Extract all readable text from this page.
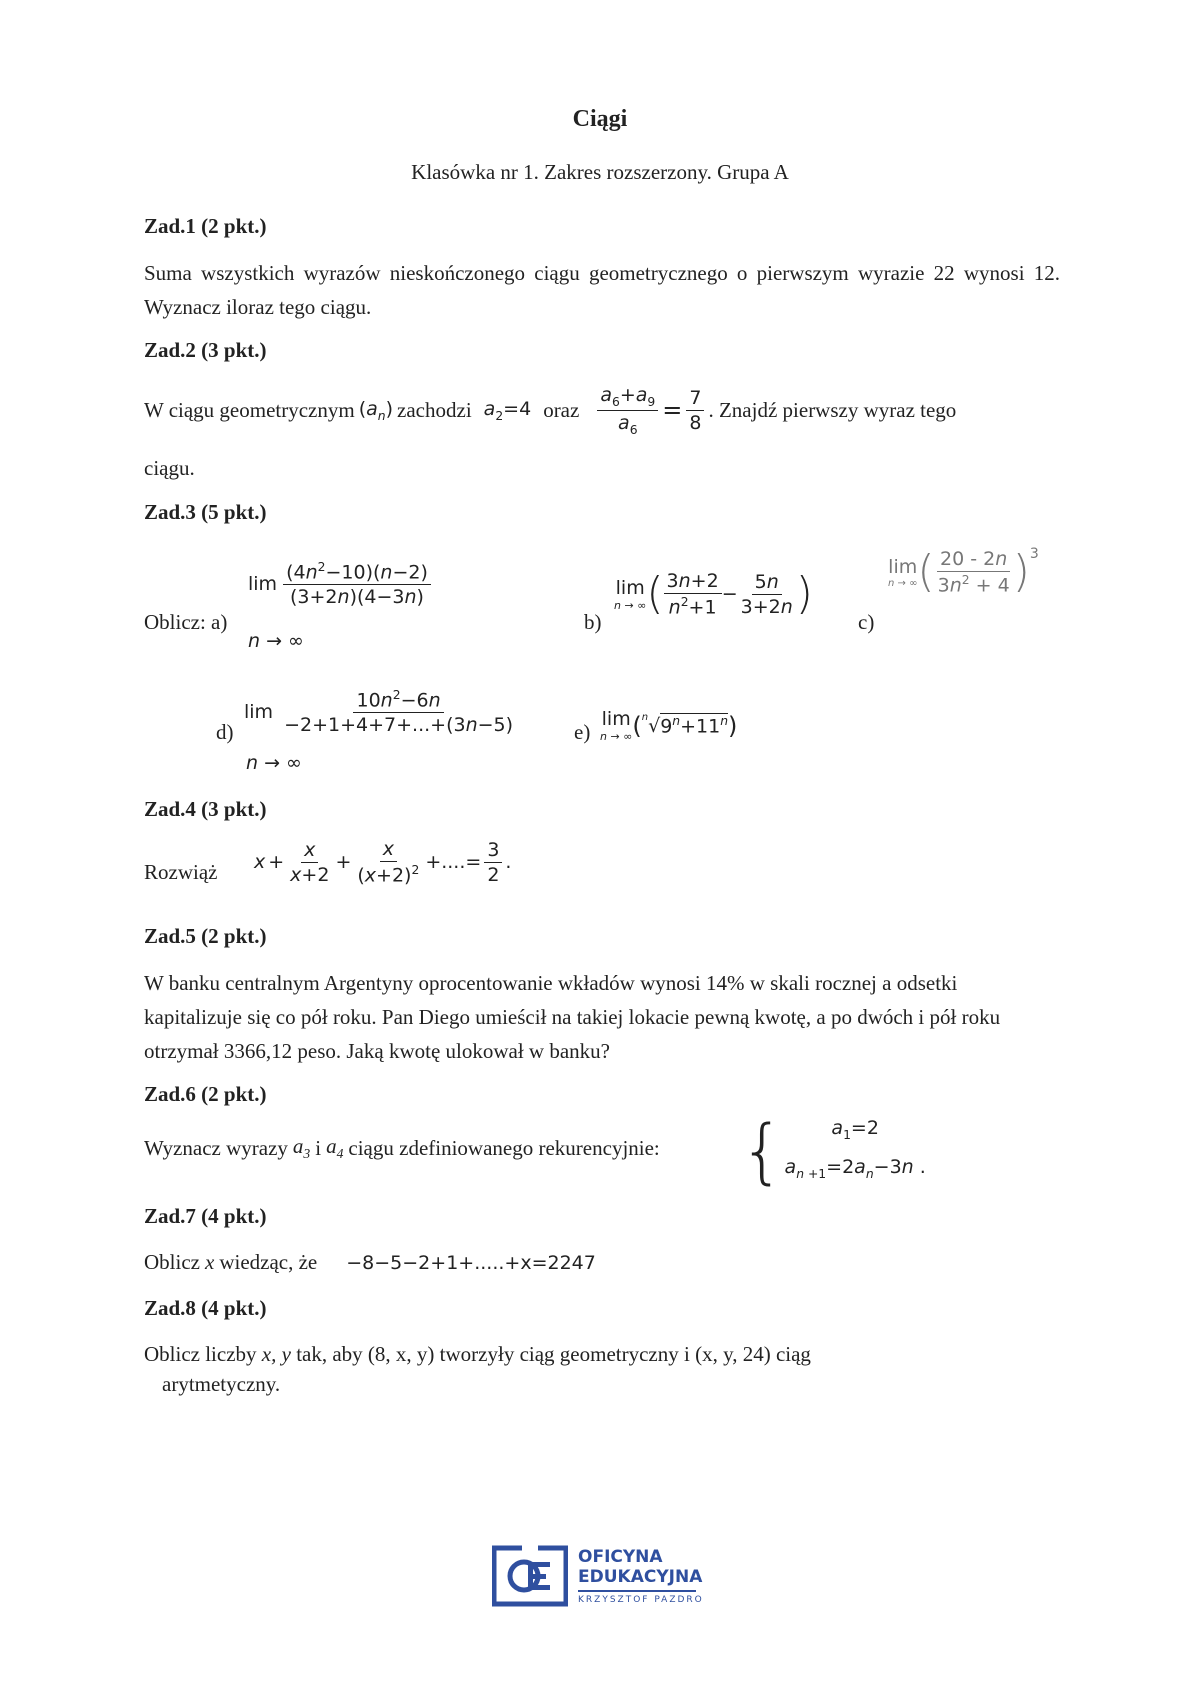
Ciągi
Klasówka nr 1. Zakres rozszerzony. Grupa A
Zad.1 (2 pkt.)
Suma wszystkich wyrazów nieskończonego ciągu geometrycznego o pierwszym wyrazie 22 wynosi 12. Wyznacz iloraz tego ciągu.
Zad.2 (3 pkt.)
W ciągu geometrycznym $(a_n)$ zachodzi $a_2=4$ oraz $\frac{a_6+a_9}{a_6} = \frac{7}{8}$ . Znajdź pierwszy wyraz tego
ciągu.
Zad.3 (5 pkt.)
Oblicz: a)
$\lim \frac{(4n^2-10)(n-2)}{(3+2n)(4-3n)}$
n → ∞
b)
lim
n → ∞ ( $\frac{3n+2}{n^2+1} - \frac{5n}{3+2n}$ )
c)
lim
n → ∞ ( $\frac{20 - 2n}{3n^2 + 4}$ ) 3
d)
$\lim \frac{10n^2-6n}{-2+1+4+7+...+(3n-5)}$
n → ∞
e)
lim
n → ∞ ( n √ $9^n+11^n$ )
Zad.4 (3 pkt.)
Rozwiąż $x + \frac{x}{x+2} + \frac{x}{(x+2)^2}$ +....= $\frac{3}{2}$ .
Zad.5 (2 pkt.)
W banku centralnym Argentyny oprocentowanie wkładów wynosi 14% w skali rocznej a odsetki kapitalizuje się co pół roku. Pan Diego umieścił na takiej lokacie pewną kwotę, a po dwóch i pół roku otrzymał 3366,12 peso. Jaką kwotę ulokował w banku?
Zad.6 (2 pkt.)
Wyznacz wyrazy $a_3$ i $a_4$ ciągu zdefiniowanego rekurencyjnie: { $a_1=2$
$a_{n +1}=2a_n-3n$ .
Zad.7 (4 pkt.)
Oblicz x wiedząc, że −8−5−2+1+.....+x=2247
Zad.8 (4 pkt.)
Oblicz liczby x, y tak, aby (8, x, y) tworzyły ciąg geometryczny i (x, y, 24) ciąg
arytmetyczny.
OFICYNA
EDUKACYJNA
KRZYSZTOF PAZDRO
